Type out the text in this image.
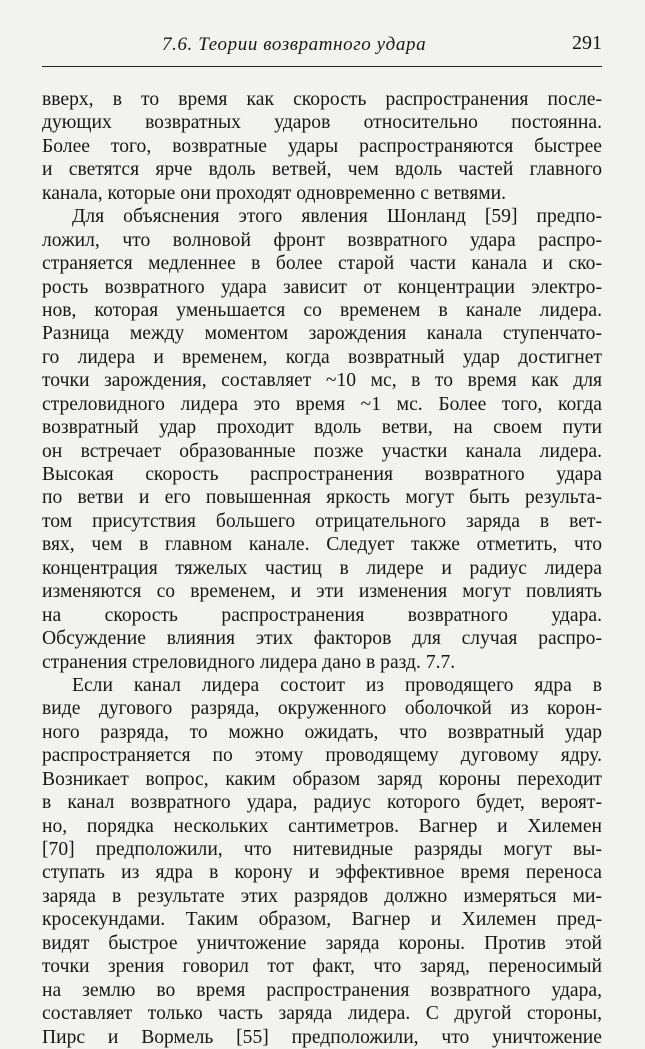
7.6. Теории возвратного удара	291
вверх, в то время как скорость распространения после-
дующих возвратных ударов относительно постоянна.
Более того, возвратные удары распространяются быстрее
и светятся ярче вдоль ветвей, чем вдоль частей главного
канала, которые они проходят одновременно с ветвями.
Для объяснения этого явления Шонланд [59] предпо-
ложил, что волновой фронт возвратного удара распро-
страняется медленнее в более старой части канала и ско-
рость возвратного удара зависит от концентрации электро-
нов, которая уменьшается со временем в канале лидера.
Разница между моментом зарождения канала ступенчато-
го лидера и временем, когда возвратный удар достигнет
точки зарождения, составляет ~10 мс, в то время как для
стреловидного лидера это время ~1 мс. Более того, когда
возвратный удар проходит вдоль ветви, на своем пути
он встречает образованные позже участки канала лидера.
Высокая скорость распространения возвратного удара
по ветви и его повышенная яркость могут быть результа-
том присутствия большего отрицательного заряда в вет-
вях, чем в главном канале. Следует также отметить, что
концентрация тяжелых частиц в лидере и радиус лидера
изменяются со временем, и эти изменения могут повлиять
на скорость распространения возвратного удара.
Обсуждение влияния этих факторов для случая распро-
странения стреловидного лидера дано в разд. 7.7.
Если канал лидера состоит из проводящего ядра в
виде дугового разряда, окруженного оболочкой из корон-
ного разряда, то можно ожидать, что возвратный удар
распространяется по этому проводящему дуговому ядру.
Возникает вопрос, каким образом заряд короны переходит
в канал возвратного удара, радиус которого будет, вероят-
но, порядка нескольких сантиметров. Вагнер и Хилемен
[70] предположили, что нитевидные разряды могут вы-
ступать из ядра в корону и эффективное время переноса
заряда в результате этих разрядов должно измеряться ми-
кросекундами. Таким образом, Вагнер и Хилемен пред-
видят быстрое уничтожение заряда короны. Против этой
точки зрения говорил тот факт, что заряд, переносимый
на землю во время распространения возвратного удара,
составляет только часть заряда лидера. С другой стороны,
Пирс и Вормель [55] предположили, что уничтожение
